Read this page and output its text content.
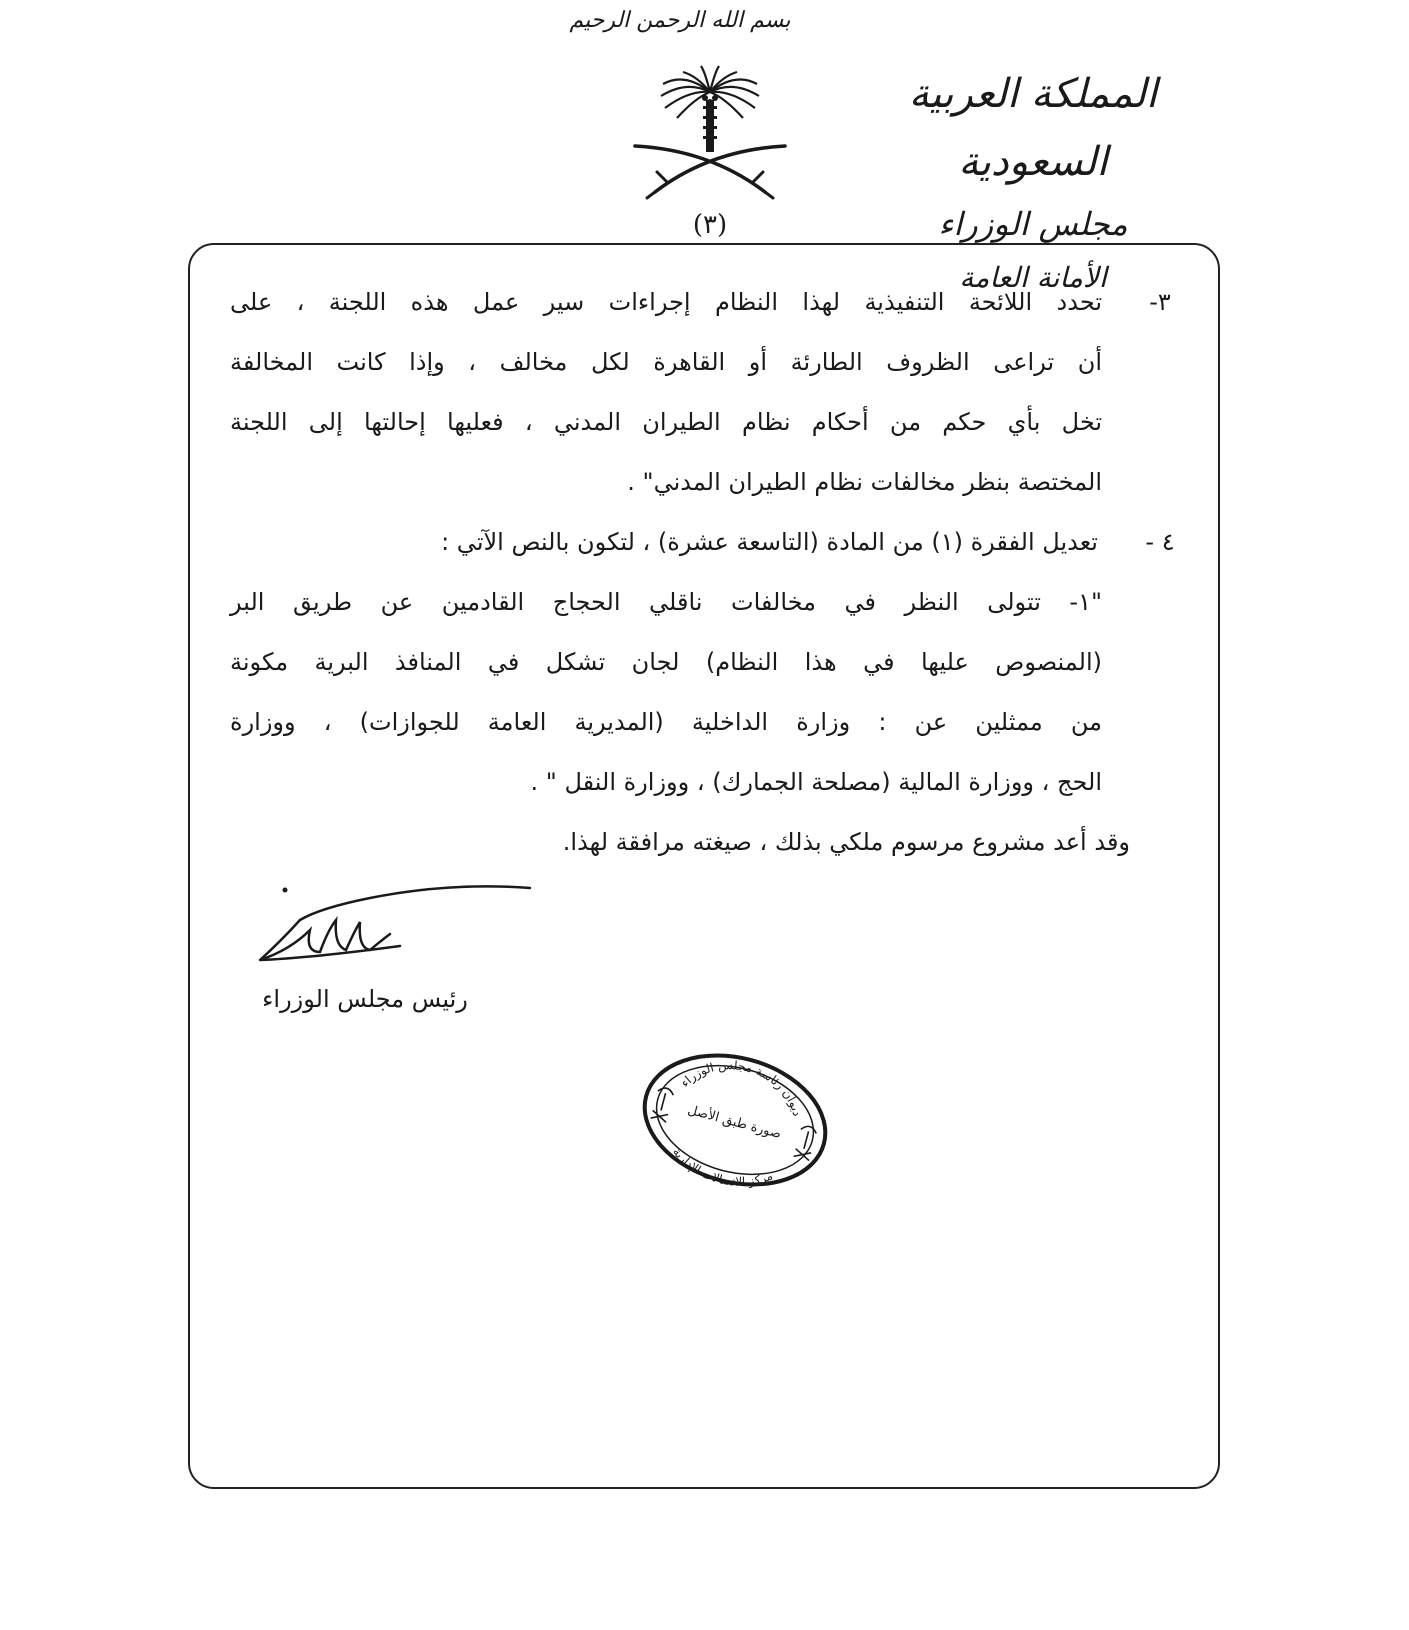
بسم الله الرحمن الرحيم
المملكة العربية السعودية
مجلس الوزراء
الأمانة العامة
(٣)
٣-
تحدد اللائحة التنفيذية لهذا النظام إجراءات سير عمل هذه اللجنة ، على
أن تراعى الظروف الطارئة أو القاهرة لكل مخالف ، وإذا كانت المخالفة
تخل بأي حكم من أحكام نظام الطيران المدني ، فعليها إحالتها إلى اللجنة
المختصة بنظر مخالفات نظام الطيران المدني" .
٤ -
تعديل الفقرة (١) من المادة (التاسعة عشرة) ، لتكون بالنص الآتي :
"١- تتولى النظر في مخالفات ناقلي الحجاج القادمين عن طريق البر
(المنصوص عليها في هذا النظام) لجان تشكل في المنافذ البرية مكونة
من ممثلين عن : وزارة الداخلية (المديرية العامة للجوازات) ، ووزارة
الحج ، ووزارة المالية (مصلحة الجمارك) ، ووزارة النقل " .
وقد أعد مشروع مرسوم ملكي بذلك ، صيغته مرافقة لهذا.
رئيس مجلس الوزراء
ديوان رئاسة مجلس الوزراء
صورة طبق الأصل
مركز الاتصالات الإدارية
